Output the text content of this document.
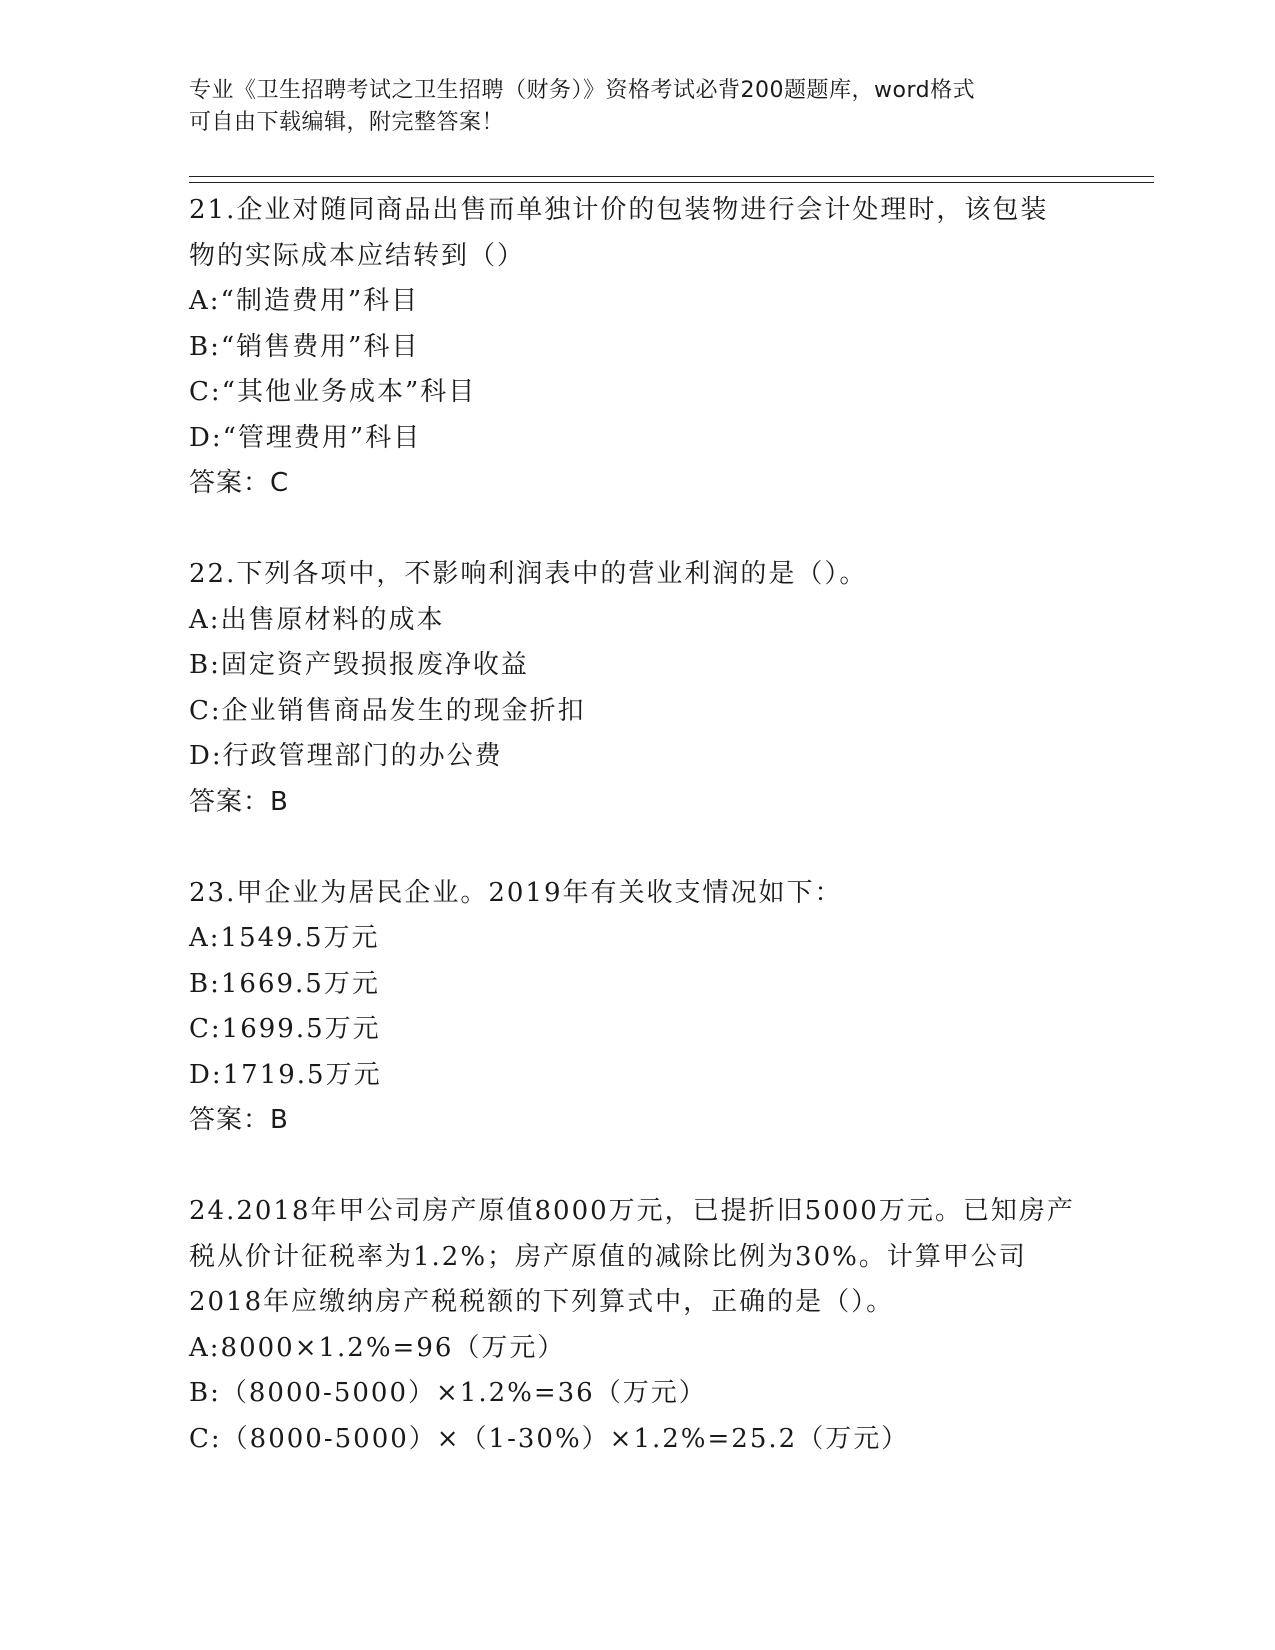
专业《卫生招聘考试之卫生招聘（财务）》资格考试必背200题题库，word格式
可自由下载编辑，附完整答案！
21.企业对随同商品出售而单独计价的包装物进行会计处理时，该包装
物的实际成本应结转到（）
A:“制造费用”科目
B:“销售费用”科目
C:“其他业务成本”科目
D:“管理费用”科目
答案：C
22.下列各项中，不影响利润表中的营业利润的是（）。
A:出售原材料的成本
B:固定资产毁损报废净收益
C:企业销售商品发生的现金折扣
D:行政管理部门的办公费
答案：B
23.甲企业为居民企业。2019年有关收支情况如下：
A:1549.5万元
B:1669.5万元
C:1699.5万元
D:1719.5万元
答案：B
24.2018年甲公司房产原值8000万元，已提折旧5000万元。已知房产
税从价计征税率为1.2%；房产原值的减除比例为30%。计算甲公司
2018年应缴纳房产税税额的下列算式中，正确的是（）。
A:8000×1.2%=96（万元）
B:（8000-5000）×1.2%=36（万元）
C:（8000-5000）×（1-30%）×1.2%=25.2（万元）
